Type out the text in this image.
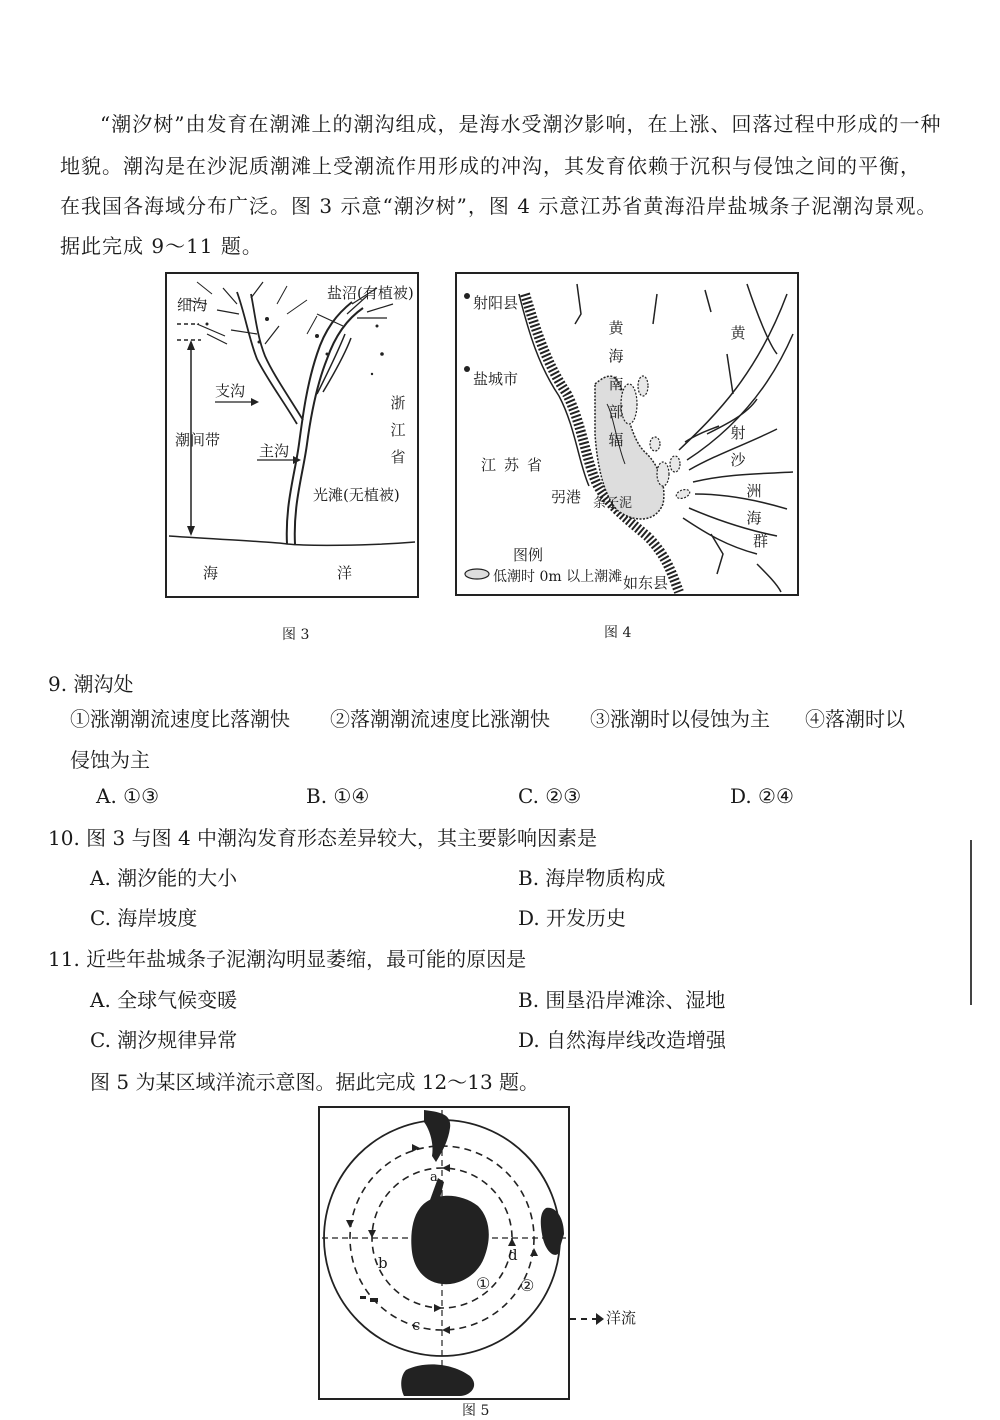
“潮汐树”由发育在潮滩上的潮沟组成，是海水受潮汐影响，在上涨、回落过程中形成的一种
地貌。潮沟是在沙泥质潮滩上受潮流作用形成的冲沟，其发育依赖于沉积与侵蚀之间的平衡，
在我国各海域分布广泛。图 3 示意“潮汐树”，图 4 示意江苏省黄海沿岸盐城条子泥潮沟景观。
据此完成 9～11 题。
细沟
盐沼(有植被)
支沟
浙江省
潮间带
主沟
光滩(无植被)
海	洋
图 3
射阳县
盐城市
江苏省
黄海南部辐
黄
射沙
洲海
群
弜港 条子泥
图例
低潮时 0m 以上潮滩 如东县
图 4
9. 潮沟处
①涨潮潮流速度比落潮快 ②落潮潮流速度比涨潮快 ③涨潮时以侵蚀为主 ④落潮时以
侵蚀为主
A. ①③	B. ①④	C. ②③	D. ②④
10. 图 3 与图 4 中潮沟发育形态差异较大，其主要影响因素是
A. 潮汐能的大小	B. 海岸物质构成
C. 海岸坡度	D. 开发历史
11. 近些年盐城条子泥潮沟明显萎缩，最可能的原因是
A. 全球气候变暖	B. 围垦沿岸滩涂、湿地
C. 潮汐规律异常	D. 自然海岸线改造增强
图 5 为某区域洋流示意图。据此完成 12～13 题。
a
b
c
d
① ②
洋流
图 5
